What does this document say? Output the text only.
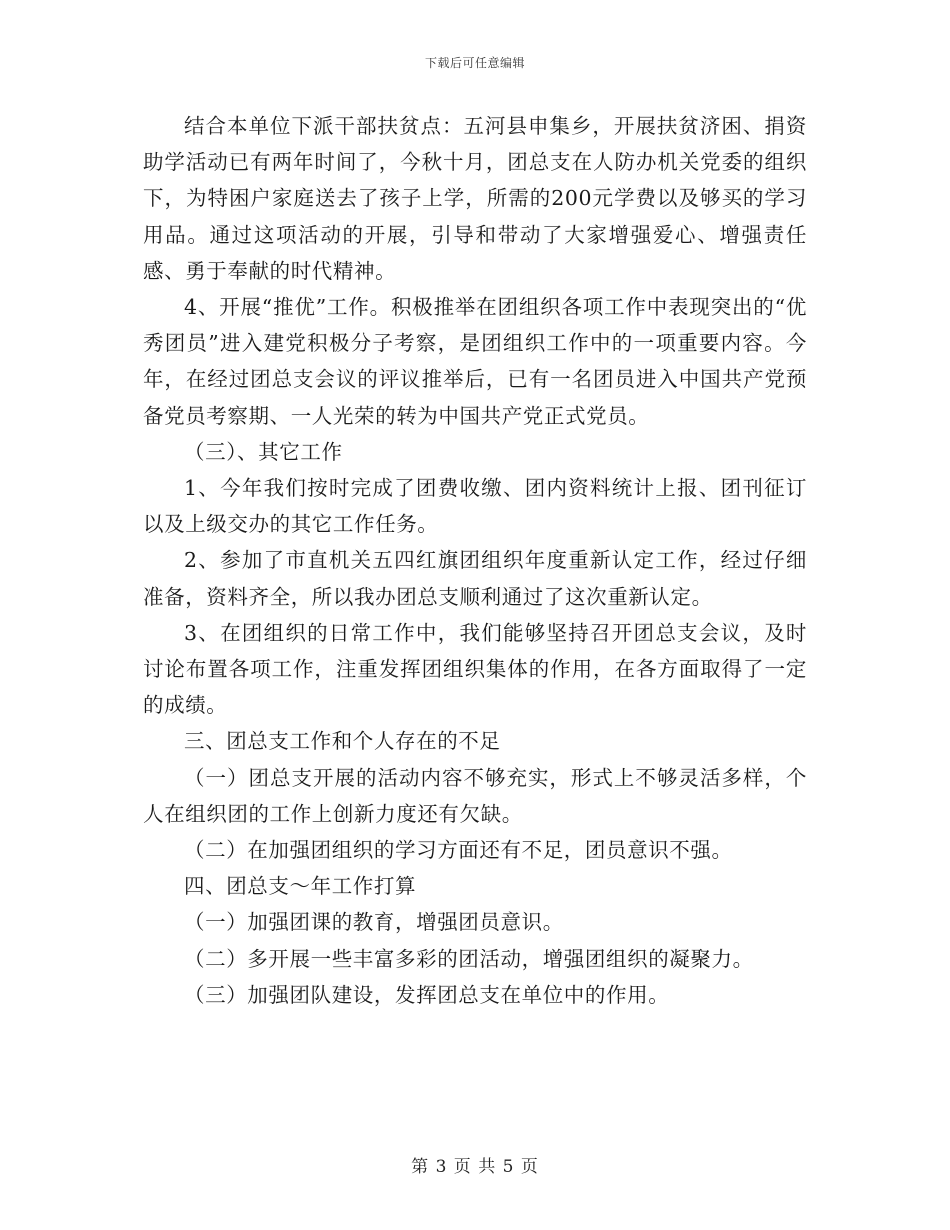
下载后可任意编辑

结合本单位下派干部扶贫点：五河县申集乡，开展扶贫济困、捐资助学活动已有两年时间了，今秋十月，团总支在人防办机关党委的组织下，为特困户家庭送去了孩子上学，所需的200元学费以及够买的学习用品。通过这项活动的开展，引导和带动了大家增强爱心、增强责任感、勇于奉献的时代精神。

4、开展“推优”工作。积极推举在团组织各项工作中表现突出的“优秀团员”进入建党积极分子考察，是团组织工作中的一项重要内容。今年，在经过团总支会议的评议推举后，已有一名团员进入中国共产党预备党员考察期、一人光荣的转为中国共产党正式党员。

（三）、其它工作

1、今年我们按时完成了团费收缴、团内资料统计上报、团刊征订以及上级交办的其它工作任务。

2、参加了市直机关五四红旗团组织年度重新认定工作，经过仔细准备，资料齐全，所以我办团总支顺利通过了这次重新认定。

3、在团组织的日常工作中，我们能够坚持召开团总支会议，及时讨论布置各项工作，注重发挥团组织集体的作用，在各方面取得了一定的成绩。

三、团总支工作和个人存在的不足

（一）团总支开展的活动内容不够充实，形式上不够灵活多样，个人在组织团的工作上创新力度还有欠缺。

（二）在加强团组织的学习方面还有不足，团员意识不强。

四、团总支～年工作打算

（一）加强团课的教育，增强团员意识。

（二）多开展一些丰富多彩的团活动，增强团组织的凝聚力。

（三）加强团队建设，发挥团总支在单位中的作用。

第 3 页 共 5 页
